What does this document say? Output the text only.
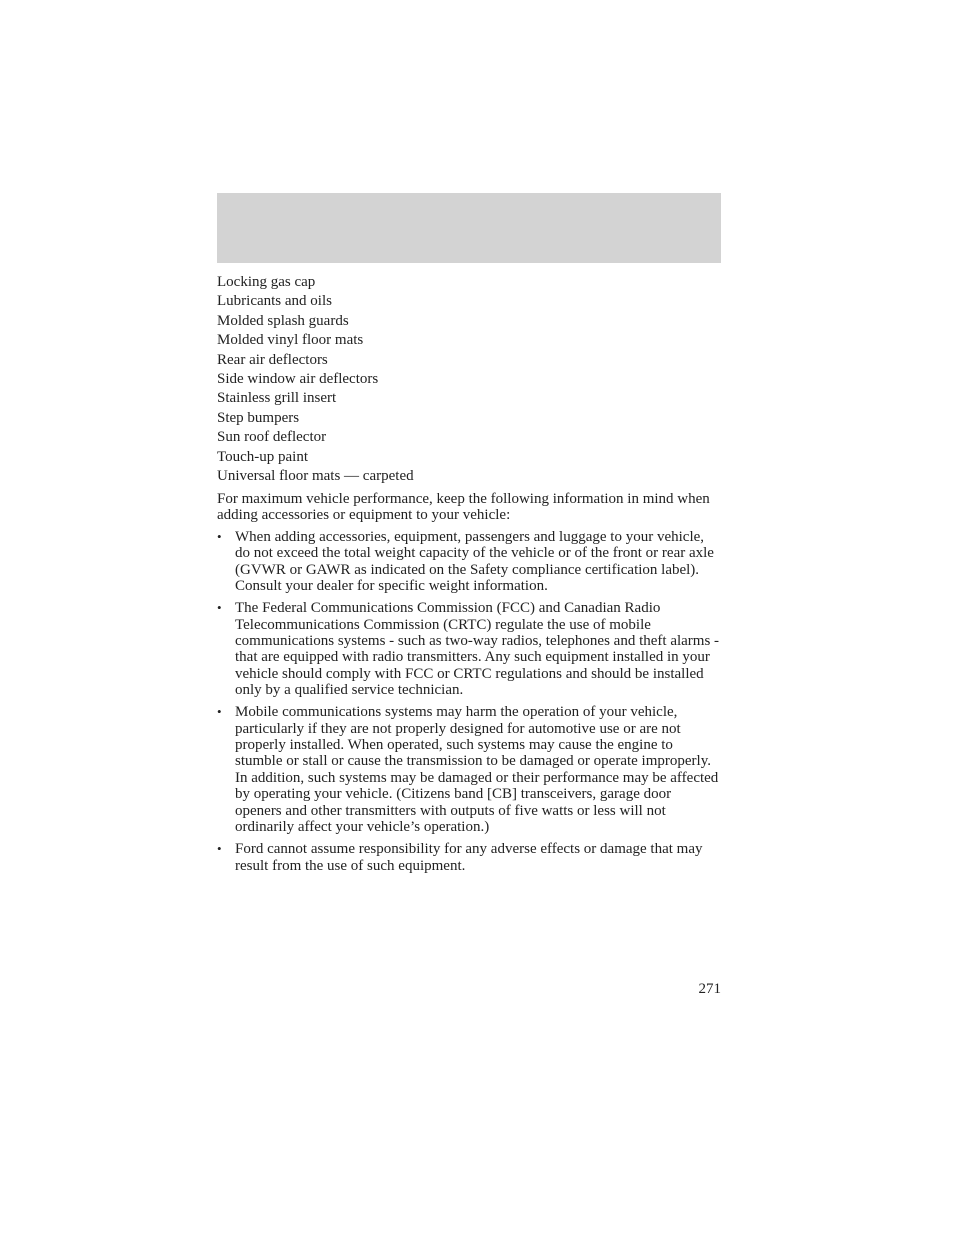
Locking gas cap
Lubricants and oils
Molded splash guards
Molded vinyl floor mats
Rear air deflectors
Side window air deflectors
Stainless grill insert
Step bumpers
Sun roof deflector
Touch-up paint
Universal floor mats — carpeted

For maximum vehicle performance, keep the following information in mind when adding accessories or equipment to your vehicle:

• When adding accessories, equipment, passengers and luggage to your vehicle, do not exceed the total weight capacity of the vehicle or of the front or rear axle (GVWR or GAWR as indicated on the Safety compliance certification label). Consult your dealer for specific weight information.
• The Federal Communications Commission (FCC) and Canadian Radio Telecommunications Commission (CRTC) regulate the use of mobile communications systems - such as two-way radios, telephones and theft alarms - that are equipped with radio transmitters. Any such equipment installed in your vehicle should comply with FCC or CRTC regulations and should be installed only by a qualified service technician.
• Mobile communications systems may harm the operation of your vehicle, particularly if they are not properly designed for automotive use or are not properly installed. When operated, such systems may cause the engine to stumble or stall or cause the transmission to be damaged or operate improperly. In addition, such systems may be damaged or their performance may be affected by operating your vehicle. (Citizens band [CB] transceivers, garage door openers and other transmitters with outputs of five watts or less will not ordinarily affect your vehicle’s operation.)
• Ford cannot assume responsibility for any adverse effects or damage that may result from the use of such equipment.
271
